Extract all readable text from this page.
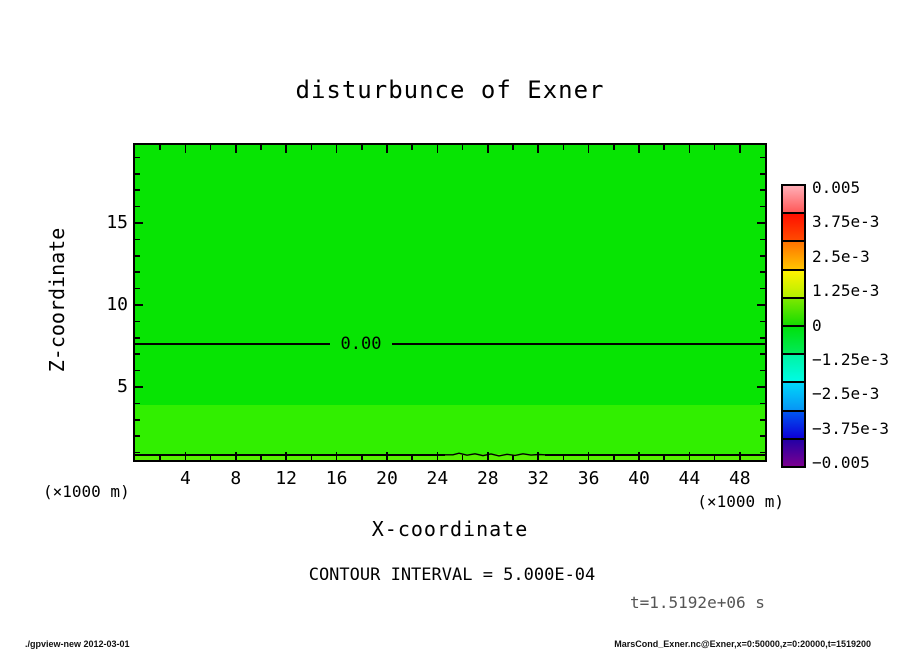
disturbunce of Exner
Z-coordinate	0.00
5
10
15
4	8	12	16	20	24	28	32	36	40	44	48
(×1000 m)
(×1000 m)
X-coordinate
CONTOUR INTERVAL = 5.000E-04
t=1.5192e+06 s
0.005
3.75e-3
2.5e-3
1.25e-3
0
−1.25e-3
−2.5e-3
−3.75e-3
−0.005
./gpview-new 2012-03-01	MarsCond_Exner.nc@Exner,x=0:50000,z=0:20000,t=1519200
